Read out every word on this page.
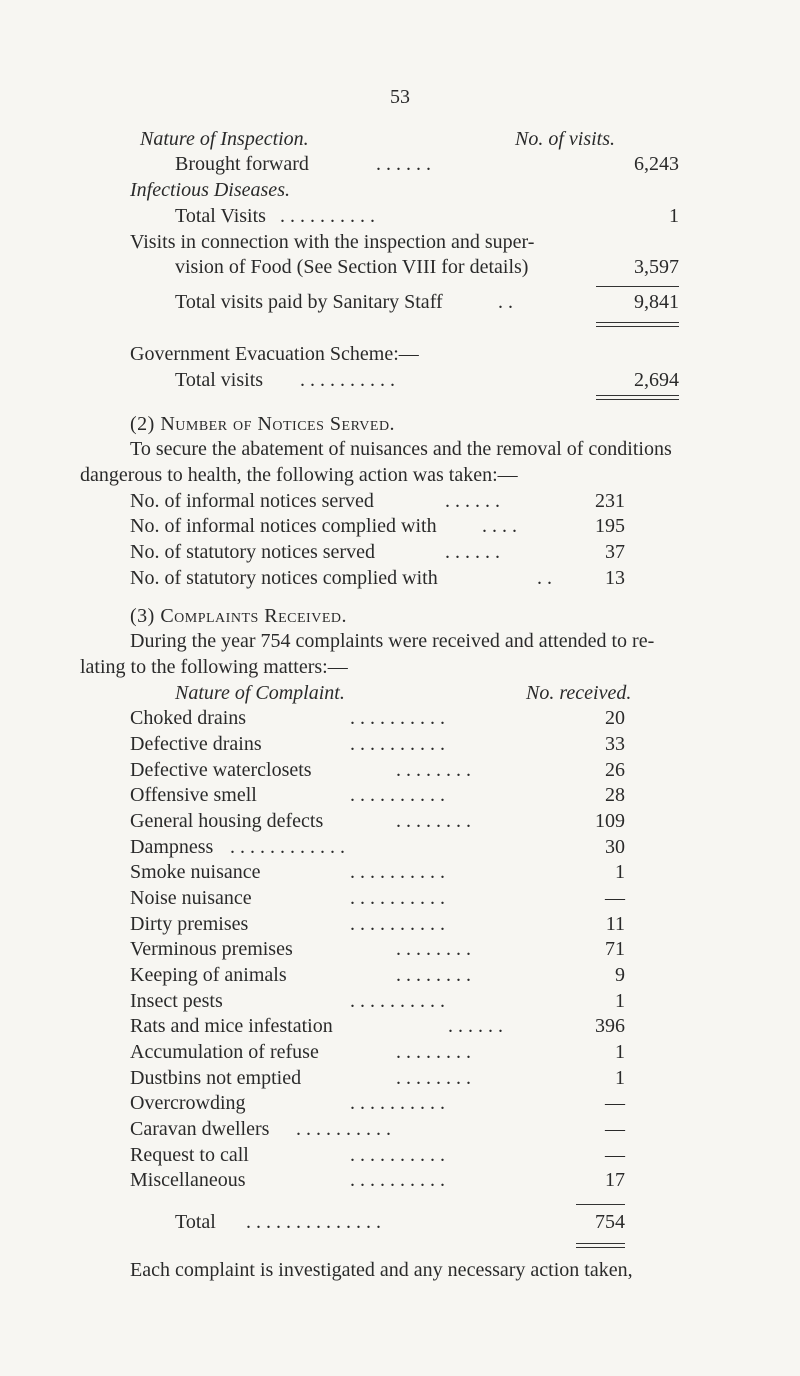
53
Nature of Inspection.	No. of visits.
Brought forward	. . . . . .	6,243
Infectious Diseases.
Total Visits . . . . . . . . . .	1
Visits in connection with the inspection and super-
vision of Food (See Section VIII for details)	3,597
Total visits paid by Sanitary Staff	. .	9,841
Government Evacuation Scheme:—
Total visits . . . . . . . . . .	2,694
(2) Number of Notices Served.
To secure the abatement of nuisances and the removal of conditions
dangerous to health, the following action was taken:—
No. of informal notices served	. . . . . .	231
No. of informal notices complied with . . . .	195
No. of statutory notices served	. . . . . .	37
No. of statutory notices complied with	. .	13
(3) Complaints Received.
During the year 754 complaints were received and attended to re-
lating to the following matters:—
Nature of Complaint.	No. received.
Choked drains	. . . . . . . . . .	20
Defective drains	. . . . . . . . . .	33
Defective waterclosets	. . . . . . . .	26
Offensive smell	. . . . . . . . . .	28
General housing defects	. . . . . . . .	109
Dampness . . . . . . . . . . . .	30
Smoke nuisance	. . . . . . . . . .	1
Noise nuisance	. . . . . . . . . .	—
Dirty premises	. . . . . . . . . .	11
Verminous premises	. . . . . . . .	71
Keeping of animals	. . . . . . . .	9
Insect pests	. . . . . . . . . .	1
Rats and mice infestation	. . . . . .	396
Accumulation of refuse	. . . . . . . .	1
Dustbins not emptied	. . . . . . . .	1
Overcrowding	. . . . . . . . . .	—
Caravan dwellers . . . . . . . . . .	—
Request to call	. . . . . . . . . .	—
Miscellaneous	. . . . . . . . . .	17
Total . . . . . . . . . . . . . .	754
Each complaint is investigated and any necessary action taken,
